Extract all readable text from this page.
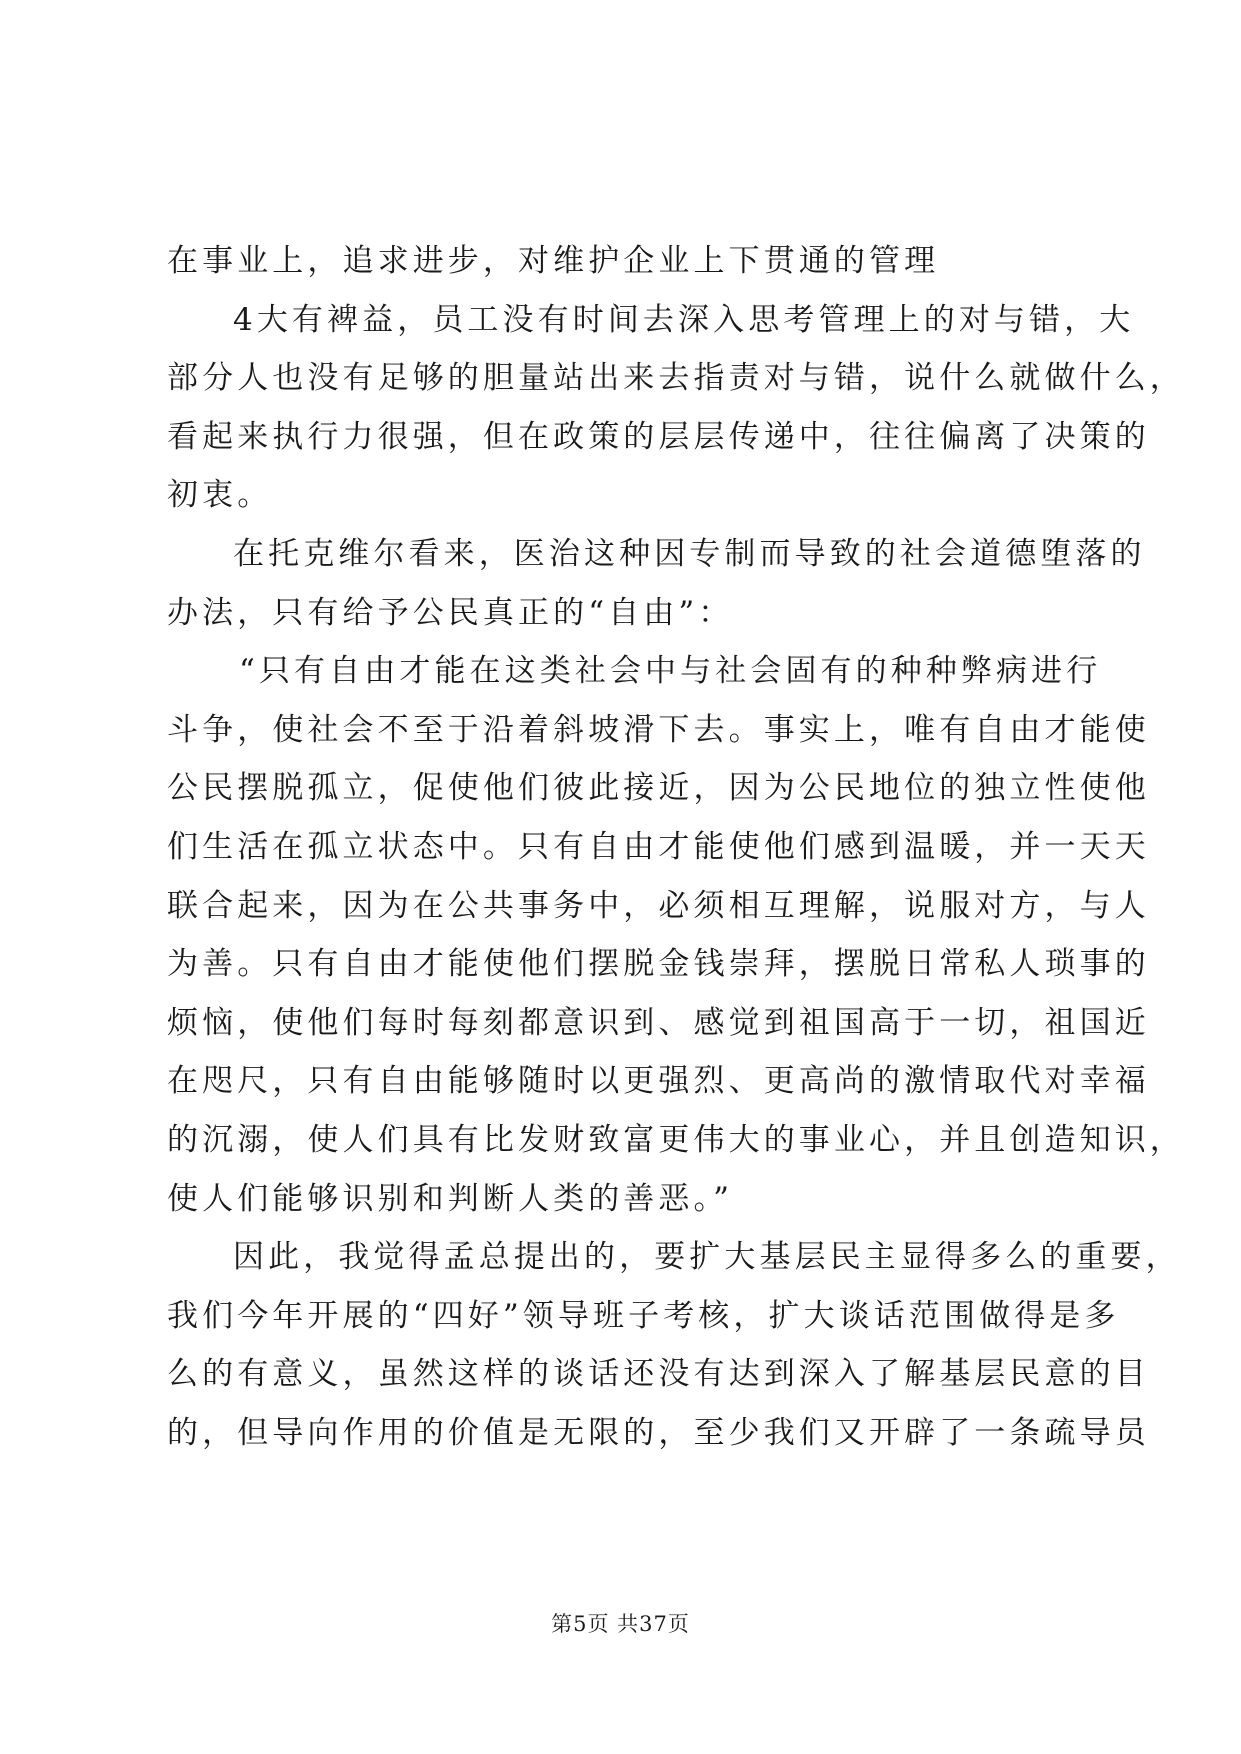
在事业上，追求进步，对维护企业上下贯通的管理
4大有裨益，员工没有时间去深入思考管理上的对与错，大
部分人也没有足够的胆量站出来去指责对与错，说什么就做什么，
看起来执行力很强，但在政策的层层传递中，往往偏离了决策的
初衷。
在托克维尔看来，医治这种因专制而导致的社会道德堕落的
办法，只有给予公民真正的“自由”：
“只有自由才能在这类社会中与社会固有的种种弊病进行
斗争，使社会不至于沿着斜坡滑下去。事实上，唯有自由才能使
公民摆脱孤立，促使他们彼此接近，因为公民地位的独立性使他
们生活在孤立状态中。只有自由才能使他们感到温暖，并一天天
联合起来，因为在公共事务中，必须相互理解，说服对方，与人
为善。只有自由才能使他们摆脱金钱崇拜，摆脱日常私人琐事的
烦恼，使他们每时每刻都意识到、感觉到祖国高于一切，祖国近
在咫尺，只有自由能够随时以更强烈、更高尚的激情取代对幸福
的沉溺，使人们具有比发财致富更伟大的事业心，并且创造知识，
使人们能够识别和判断人类的善恶。”
因此，我觉得孟总提出的，要扩大基层民主显得多么的重要，
我们今年开展的“四好”领导班子考核，扩大谈话范围做得是多
么的有意义，虽然这样的谈话还没有达到深入了解基层民意的目
的，但导向作用的价值是无限的，至少我们又开辟了一条疏导员
第5页 共37页
